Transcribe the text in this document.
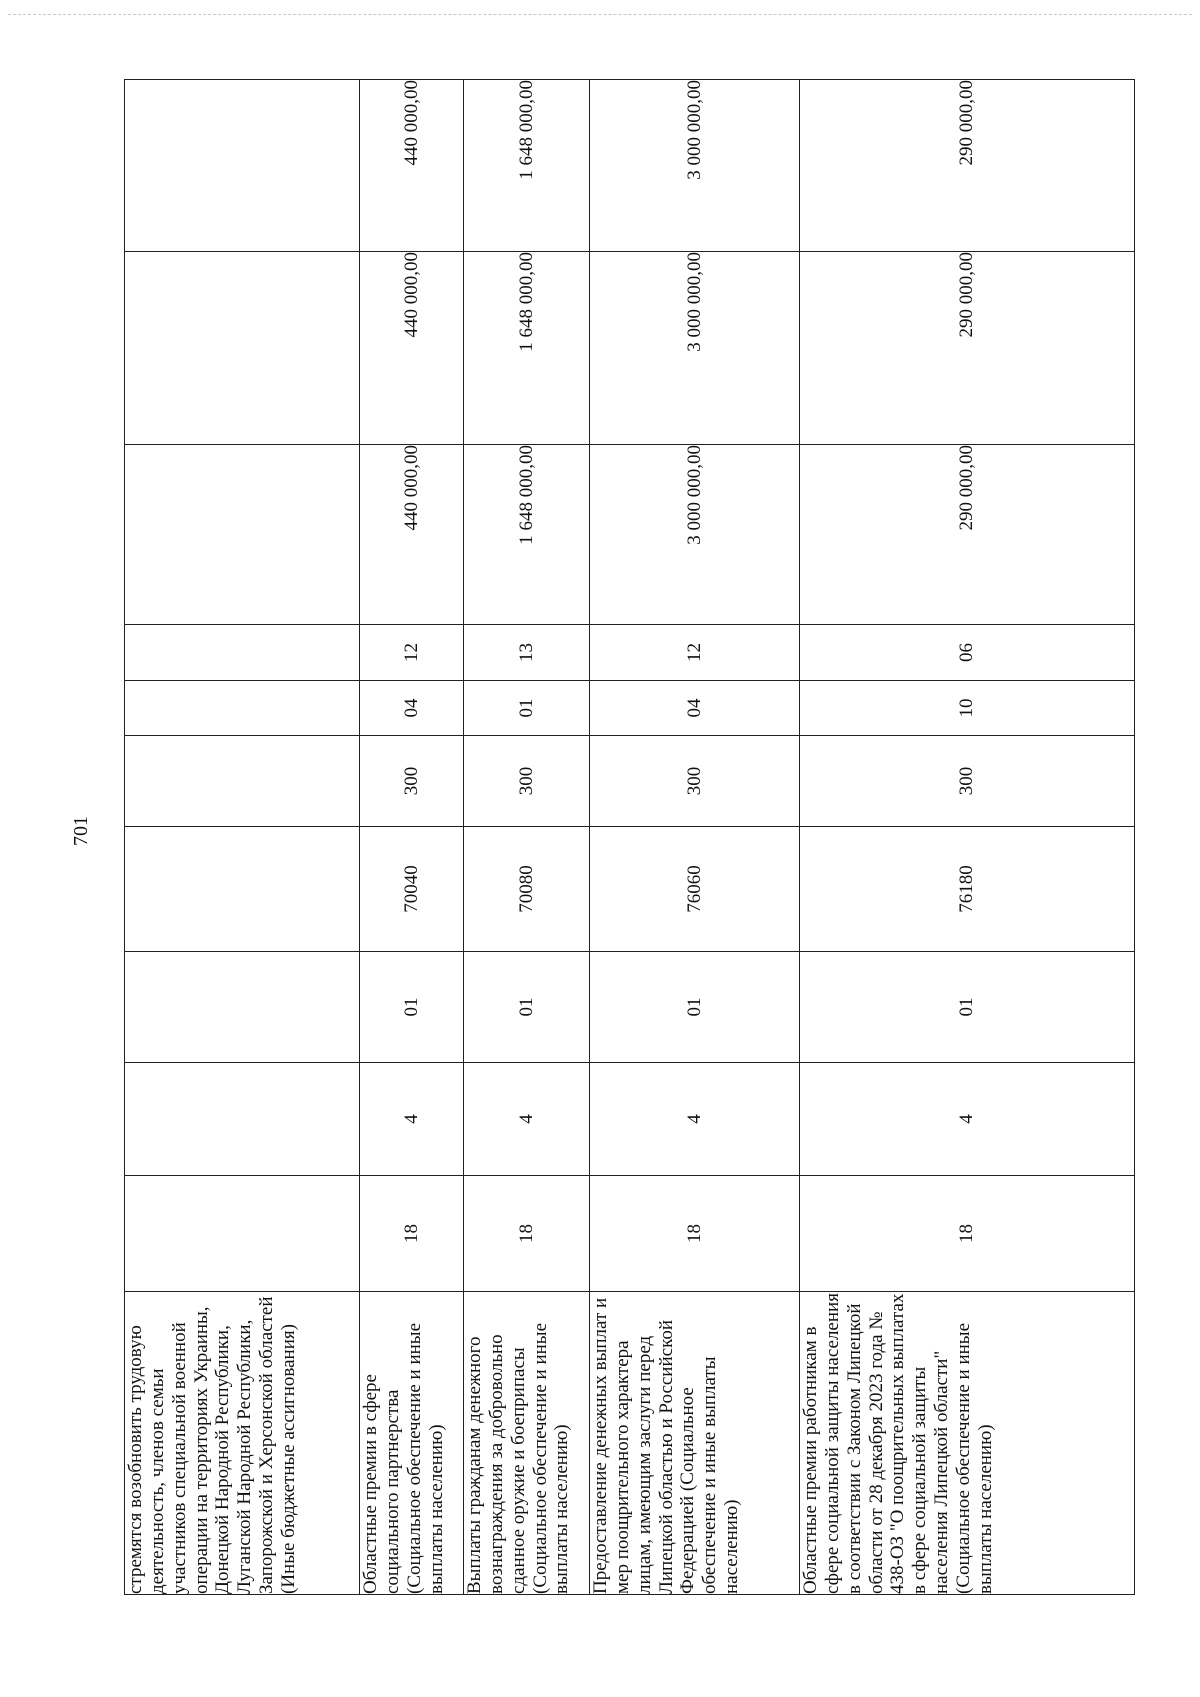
701
стремятся возобновить трудовую деятельность, членов семьи участников специальной военной операции на территориях Украины, Донецкой Народной Республики, Луганской Народной Республики, Запорожской и Херсонской областей (Иные бюджетные ассигнования)										
Областные премии в сфере социального партнерства (Социальное обеспечение и иные выплаты населению)	18	4	01	70040	300	04	12	440 000,00	440 000,00	440 000,00
Выплаты гражданам денежного вознаграждения за добровольно сданное оружие и боеприпасы (Социальное обеспечение и иные выплаты населению)	18	4	01	70080	300	01	13	1 648 000,00	1 648 000,00	1 648 000,00
Предоставление денежных выплат и мер поощрительного характера лицам, имеющим заслуги перед Липецкой областью и Российской Федерацией (Социальное обеспечение и иные выплаты населению)	18	4	01	76060	300	04	12	3 000 000,00	3 000 000,00	3 000 000,00
Областные премии работникам в сфере социальной защиты населения в соответствии с Законом Липецкой области от 28 декабря 2023 года № 438-ОЗ "О поощрительных выплатах в сфере социальной защиты населения Липецкой области" (Социальное обеспечение и иные выплаты населению)	18	4	01	76180	300	10	06	290 000,00	290 000,00	290 000,00
